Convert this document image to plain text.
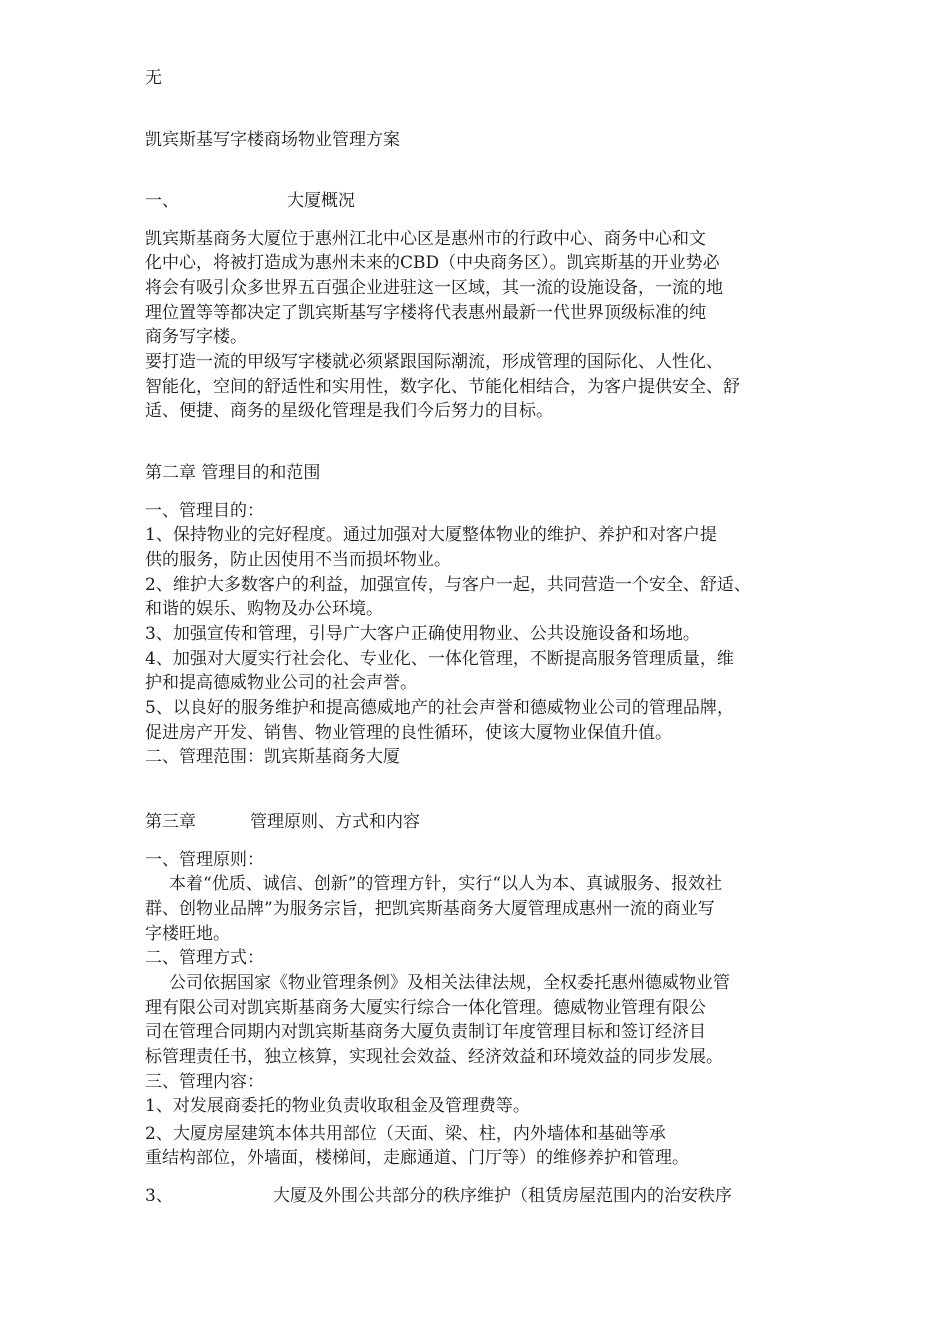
无
凯宾斯基写字楼商场物业管理方案
一、	大厦概况
凯宾斯基商务大厦位于惠州江北中心区是惠州市的行政中心、商务中心和文
化中心，将被打造成为惠州未来的CBD（中央商务区）。凯宾斯基的开业势必
将会有吸引众多世界五百强企业进驻这一区域，其一流的设施设备，一流的地
理位置等等都决定了凯宾斯基写字楼将代表惠州最新一代世界顶级标准的纯
商务写字楼。
要打造一流的甲级写字楼就必须紧跟国际潮流，形成管理的国际化、人性化、
智能化，空间的舒适性和实用性，数字化、节能化相结合，为客户提供安全、舒
适、便捷、商务的星级化管理是我们今后努力的目标。
第二章 管理目的和范围
一、管理目的：
1、保持物业的完好程度。通过加强对大厦整体物业的维护、养护和对客户提
供的服务，防止因使用不当而损坏物业。
2、维护大多数客户的利益，加强宣传，与客户一起，共同营造一个安全、舒适、
和谐的娱乐、购物及办公环境。
3、加强宣传和管理，引导广大客户正确使用物业、公共设施设备和场地。
4、加强对大厦实行社会化、专业化、一体化管理，不断提高服务管理质量，维
护和提高德威物业公司的社会声誉。
5、以良好的服务维护和提高德威地产的社会声誉和德威物业公司的管理品牌，
促进房产开发、销售、物业管理的良性循环，使该大厦物业保值升值。
二、管理范围：凯宾斯基商务大厦
第三章	管理原则、方式和内容
一、管理原则：
本着“优质、诚信、创新”的管理方针，实行“以人为本、真诚服务、报效社
群、创物业品牌”为服务宗旨，把凯宾斯基商务大厦管理成惠州一流的商业写
字楼旺地。
二、管理方式：
公司依据国家《物业管理条例》及相关法律法规，全权委托惠州德威物业管
理有限公司对凯宾斯基商务大厦实行综合一体化管理。德威物业管理有限公
司在管理合同期内对凯宾斯基商务大厦负责制订年度管理目标和签订经济目
标管理责任书，独立核算，实现社会效益、经济效益和环境效益的同步发展。
三、管理内容：
1、对发展商委托的物业负责收取租金及管理费等。
2、大厦房屋建筑本体共用部位（天面、梁、柱，内外墙体和基础等承
重结构部位，外墙面，楼梯间，走廊通道、门厅等）的维修养护和管理。
3、	大厦及外围公共部分的秩序维护（租赁房屋范围内的治安秩序
